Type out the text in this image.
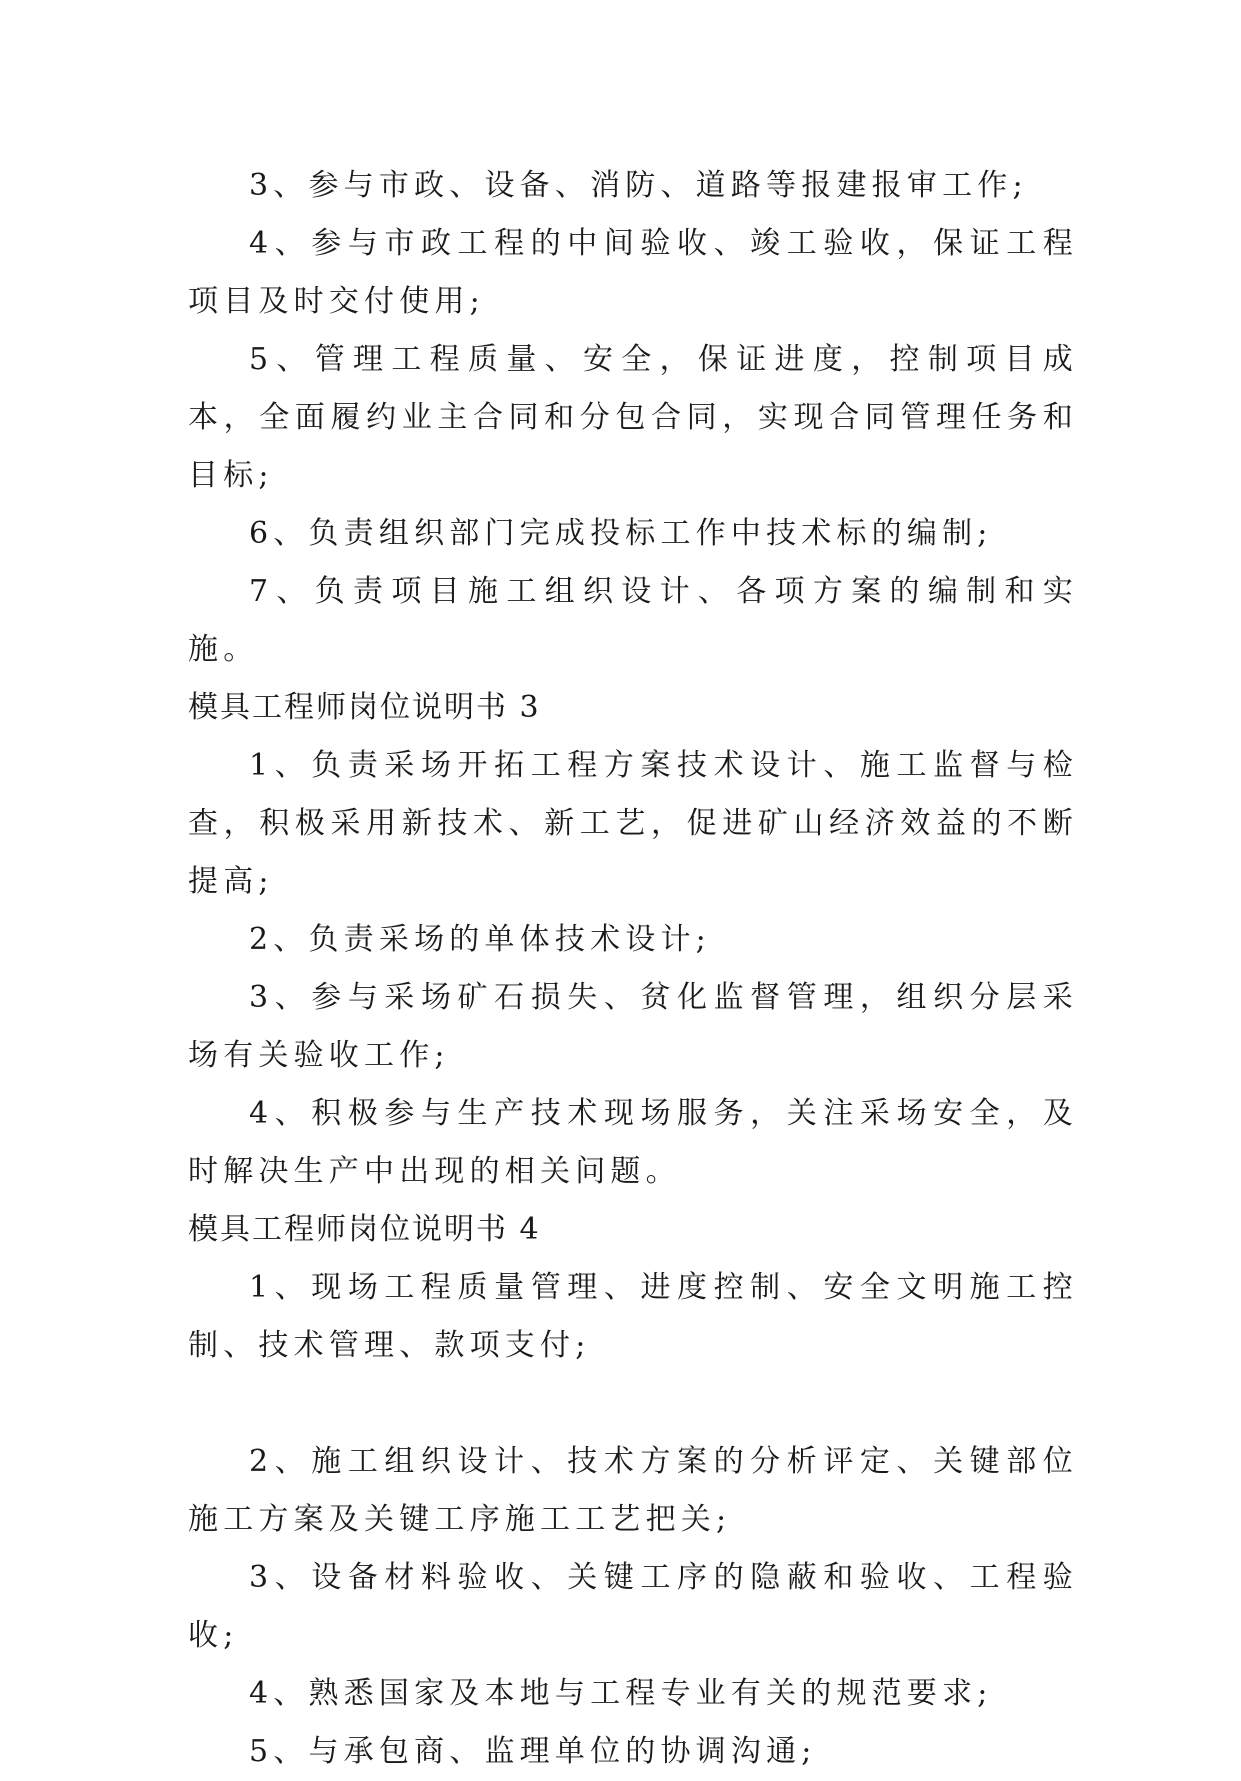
3、参与市政、设备、消防、道路等报建报审工作;

4、参与市政工程的中间验收、竣工验收，保证工程项目及时交付使用;

5、管理工程质量、安全，保证进度，控制项目成本，全面履约业主合同和分包合同，实现合同管理任务和目标;

6、负责组织部门完成投标工作中技术标的编制;

7、负责项目施工组织设计、各项方案的编制和实施。

模具工程师岗位说明书 3

1、负责采场开拓工程方案技术设计、施工监督与检查，积极采用新技术、新工艺，促进矿山经济效益的不断提高;

2、负责采场的单体技术设计;

3、参与采场矿石损失、贫化监督管理，组织分层采场有关验收工作;

4、积极参与生产技术现场服务，关注采场安全，及时解决生产中出现的相关问题。

模具工程师岗位说明书 4

1、现场工程质量管理、进度控制、安全文明施工控制、技术管理、款项支付;

2、施工组织设计、技术方案的分析评定、关键部位施工方案及关键工序施工工艺把关;

3、设备材料验收、关键工序的隐蔽和验收、工程验收;

4、熟悉国家及本地与工程专业有关的规范要求;

5、与承包商、监理单位的协调沟通;
